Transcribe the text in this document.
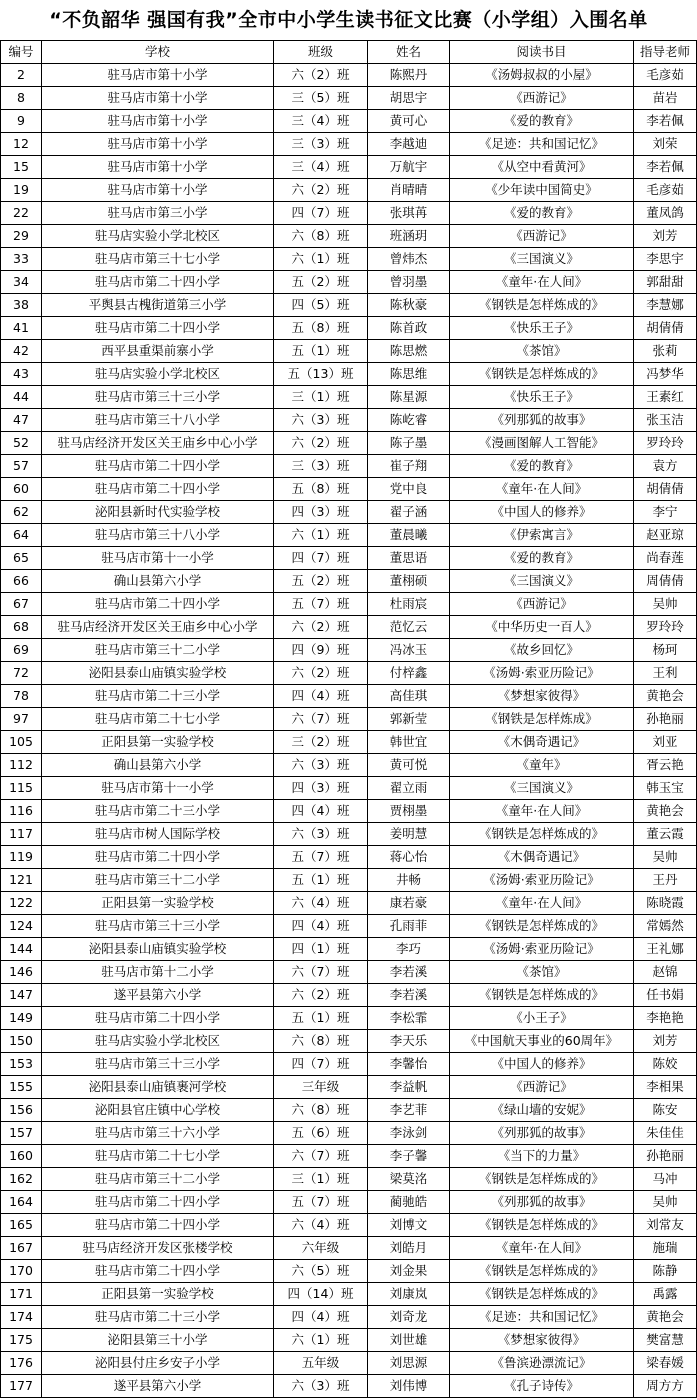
“不负韶华 强国有我”全市中小学生读书征文比赛（小学组）入围名单
编号	学校	班级	姓名	阅读书目	指导老师
2	驻马店市第十小学	六（2）班	陈熙丹	《汤姆叔叔的小屋》	毛彦茹
8	驻马店市第十小学	三（5）班	胡思宇	《西游记》	苗岩
9	驻马店市第十小学	三（4）班	黄可心	《爱的教育》	李若佩
12	驻马店市第十小学	三（3）班	李越迪	《足迹：共和国记忆》	刘荣
15	驻马店市第十小学	三（4）班	万航宇	《从空中看黄河》	李若佩
19	驻马店市第十小学	六（2）班	肖晴晴	《少年读中国简史》	毛彦茹
22	驻马店市第三小学	四（7）班	张琪苒	《爱的教育》	董凤鸽
29	驻马店实验小学北校区	六（8）班	班涵玥	《西游记》	刘芳
33	驻马店市第三十七小学	六（1）班	曾炜杰	《三国演义》	李思宇
34	驻马店市第二十四小学	五（2）班	曾羽墨	《童年·在人间》	郭甜甜
38	平舆县古槐街道第三小学	四（5）班	陈秋豪	《钢铁是怎样炼成的》	李慧娜
41	驻马店市第二十四小学	五（8）班	陈首政	《快乐王子》	胡倩倩
42	西平县重渠前寨小学	五（1）班	陈思燃	《茶馆》	张莉
43	驻马店实验小学北校区	五（13）班	陈思维	《钢铁是怎样炼成的》	冯梦华
44	驻马店市第三十三小学	三（1）班	陈星源	《快乐王子》	王素红
47	驻马店市第三十八小学	六（3）班	陈屹睿	《列那狐的故事》	张玉洁
52	驻马店经济开发区关王庙乡中心小学	六（2）班	陈子墨	《漫画图解人工智能》	罗玲玲
57	驻马店市第二十四小学	三（3）班	崔子翔	《爱的教育》	袁方
60	驻马店市第二十四小学	五（8）班	党中良	《童年·在人间》	胡倩倩
62	泌阳县新时代实验学校	四（3）班	翟子涵	《中国人的修养》	李宁
64	驻马店市第三十八小学	六（1）班	董晨曦	《伊索寓言》	赵亚琼
65	驻马店市第十一小学	四（7）班	董思语	《爱的教育》	尚春莲
66	确山县第六小学	五（2）班	董栩硕	《三国演义》	周倩倩
67	驻马店市第二十四小学	五（7）班	杜雨宸	《西游记》	吴帅
68	驻马店经济开发区关王庙乡中心小学	六（2）班	范忆云	《中华历史一百人》	罗玲玲
69	驻马店市第三十二小学	四（9）班	冯冰玉	《故乡回忆》	杨珂
72	泌阳县泰山庙镇实验学校	六（2）班	付梓鑫	《汤姆·索亚历险记》	王利
78	驻马店市第二十三小学	四（4）班	高佳琪	《梦想家彼得》	黄艳会
97	驻马店市第二十七小学	六（7）班	郭新莹	《钢铁是怎样炼成》	孙艳丽
105	正阳县第一实验学校	三（2）班	韩世宜	《木偶奇遇记》	刘亚
112	确山县第六小学	六（3）班	黄可悦	《童年》	胥云艳
115	驻马店市第十一小学	四（3）班	翟立雨	《三国演义》	韩玉宝
116	驻马店市第二十三小学	四（4）班	贾栩墨	《童年·在人间》	黄艳会
117	驻马店市树人国际学校	六（3）班	姜明慧	《钢铁是怎样炼成的》	董云霞
119	驻马店市第二十四小学	五（7）班	蒋心怡	《木偶奇遇记》	吴帅
121	驻马店市第三十二小学	五（1）班	井畅	《汤姆·索亚历险记》	王丹
122	正阳县第一实验学校	六（4）班	康若豪	《童年·在人间》	陈晓霞
124	驻马店市第三十三小学	四（4）班	孔雨菲	《钢铁是怎样炼成的》	常嫣然
144	泌阳县泰山庙镇实验学校	四（1）班	李巧	《汤姆·索亚历险记》	王礼娜
146	驻马店市第十二小学	六（7）班	李若溪	《茶馆》	赵锦
147	遂平县第六小学	六（2）班	李若溪	《钢铁是怎样炼成的》	任书娟
149	驻马店市第二十四小学	五（1）班	李松霏	《小王子》	李艳艳
150	驻马店实验小学北校区	六（8）班	李天乐	《中国航天事业的60周年》	刘芳
153	驻马店市第三十三小学	四（7）班	李馨怡	《中国人的修养》	陈姣
155	泌阳县泰山庙镇裹河学校	三年级	李益帆	《西游记》	李相果
156	泌阳县官庄镇中心学校	六（8）班	李艺菲	《绿山墙的安妮》	陈安
157	驻马店市第三十六小学	五（6）班	李泳剑	《列那狐的故事》	朱佳佳
160	驻马店市第二十七小学	六（7）班	李子馨	《当下的力量》	孙艳丽
162	驻马店市第三十二小学	三（1）班	梁莫洺	《钢铁是怎样炼成的》	马冲
164	驻马店市第二十四小学	五（7）班	蔺驰皓	《列那狐的故事》	吴帅
165	驻马店市第二十四小学	六（4）班	刘博文	《钢铁是怎样炼成的》	刘常友
167	驻马店经济开发区张楼学校	六年级	刘皓月	《童年·在人间》	施瑞
170	驻马店市第二十四小学	六（5）班	刘金果	《钢铁是怎样炼成的》	陈静
171	正阳县第一实验学校	四（14）班	刘康岚	《钢铁是怎样炼成的》	禹露
174	驻马店市第二十三小学	四（4）班	刘奇龙	《足迹：共和国记忆》	黄艳会
175	泌阳县第三十小学	六（1）班	刘世雄	《梦想家彼得》	樊富慧
176	泌阳县付庄乡安子小学	五年级	刘思源	《鲁滨逊漂流记》	梁春媛
177	遂平县第六小学	六（3）班	刘伟博	《孔子诗传》	周方方
